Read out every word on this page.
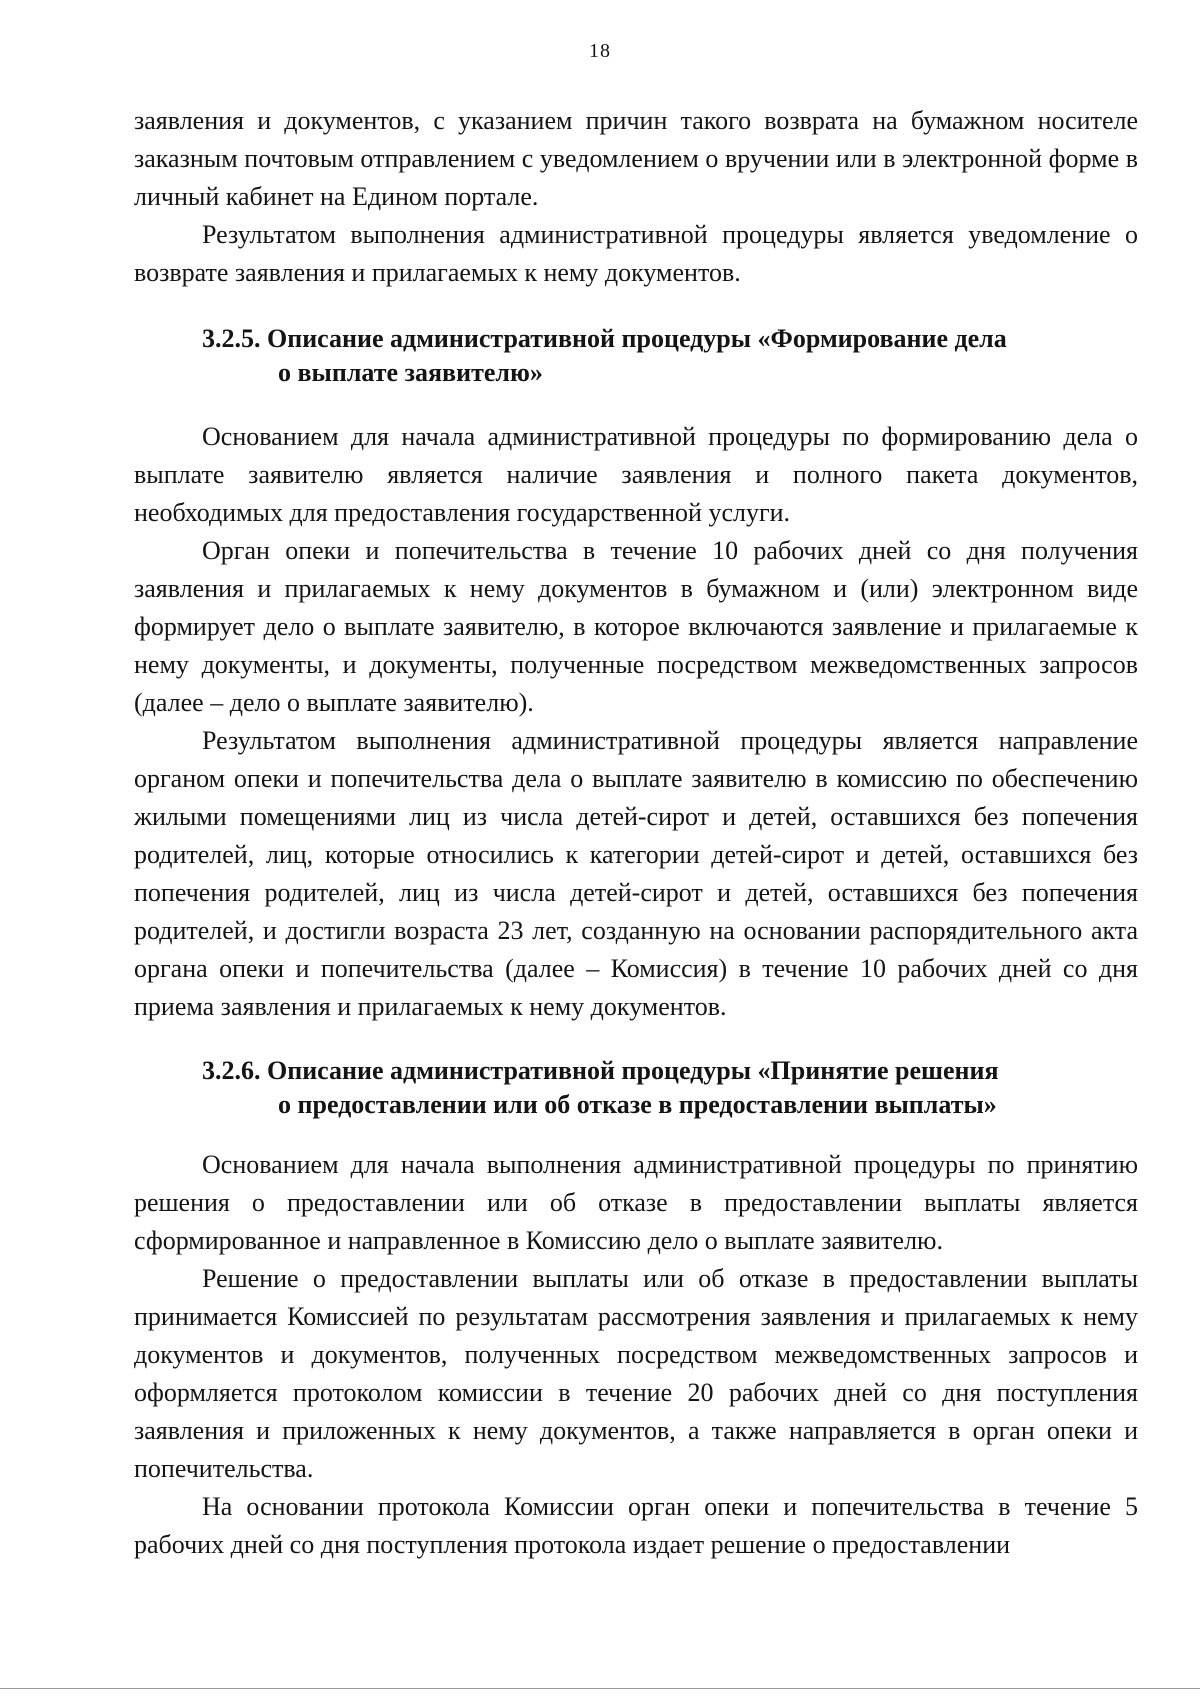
18

заявления и документов, с указанием причин такого возврата на бумажном носителе заказным почтовым отправлением с уведомлением о вручении или в электронной форме в личный кабинет на Едином портале.

Результатом выполнения административной процедуры является уведомление о возврате заявления и прилагаемых к нему документов.

3.2.5. Описание административной процедуры «Формирование дела
о выплате заявителю»

Основанием для начала административной процедуры по формированию дела о выплате заявителю является наличие заявления и полного пакета документов, необходимых для предоставления государственной услуги.

Орган опеки и попечительства в течение 10 рабочих дней со дня получения заявления и прилагаемых к нему документов в бумажном и (или) электронном виде формирует дело о выплате заявителю, в которое включаются заявление и прилагаемые к нему документы, и документы, полученные посредством межведомственных запросов (далее – дело о выплате заявителю).

Результатом выполнения административной процедуры является направление органом опеки и попечительства дела о выплате заявителю в комиссию по обеспечению жилыми помещениями лиц из числа детей-сирот и детей, оставшихся без попечения родителей, лиц, которые относились к категории детей-сирот и детей, оставшихся без попечения родителей, лиц из числа детей-сирот и детей, оставшихся без попечения родителей, и достигли возраста 23 лет, созданную на основании распорядительного акта органа опеки и попечительства (далее – Комиссия) в течение 10 рабочих дней со дня приема заявления и прилагаемых к нему документов.

3.2.6. Описание административной процедуры «Принятие решения
о предоставлении или об отказе в предоставлении выплаты»

Основанием для начала выполнения административной процедуры по принятию решения о предоставлении или об отказе в предоставлении выплаты является сформированное и направленное в Комиссию дело о выплате заявителю.

Решение о предоставлении выплаты или об отказе в предоставлении выплаты принимается Комиссией по результатам рассмотрения заявления и прилагаемых к нему документов и документов, полученных посредством межведомственных запросов и оформляется протоколом комиссии в течение 20 рабочих дней со дня поступления заявления и приложенных к нему документов, а также направляется в орган опеки и попечительства.

На основании протокола Комиссии орган опеки и попечительства в течение 5 рабочих дней со дня поступления протокола издает решение о предоставлении
